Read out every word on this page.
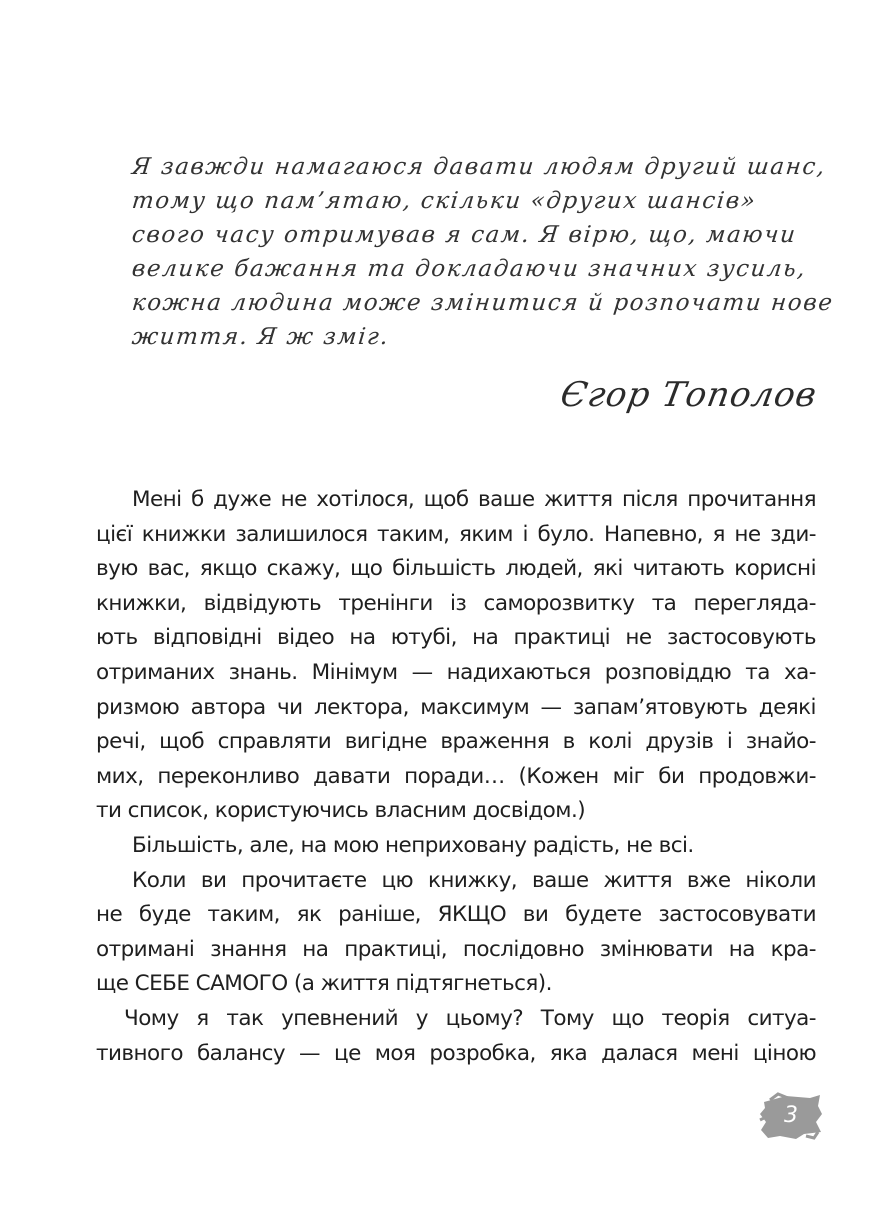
Я завжди намагаюся давати людям другий шанс,
тому що пам’ятаю, скільки «других шансів»
свого часу отримував я сам. Я вірю, що, маючи
велике бажання та докладаючи значних зусиль,
кожна людина може змінитися й розпочати нове
життя. Я ж зміг.
Єгор Тополов
Мені б дуже не хотілося, щоб ваше життя після прочитання
цієї книжки залишилося таким, яким і було. Напевно, я не зди-
вую вас, якщо скажу, що більшість людей, які читають корисні
книжки, відвідують тренінги із саморозвитку та переглядa-
ють відповідні відео на ютубі, на практиці не застосовують
отриманих знань. Мінімум — надихаються розповіддю та ха-
ризмою автора чи лектора, максимум — запам’ятовують деякі
речі, щоб справляти вигідне враження в колі друзів і знайо-
мих, переконливо давати поради… (Кожен міг би продовжи-
ти список, користуючись власним досвідом.)
Більшість, але, на мою неприховану радість, не всі.
Коли ви прочитаєте цю книжку, ваше життя вже ніколи
не буде таким, як раніше, ЯКЩО ви будете застосовувати
отримані знання на практиці, послідовно змінювати на кра-
ще СЕБЕ САМОГО (а життя підтягнеться).
Чому я так упевнений у цьому? Тому що теорія ситуа-
тивного балансу — це моя розробка, яка далася мені ціною
3
